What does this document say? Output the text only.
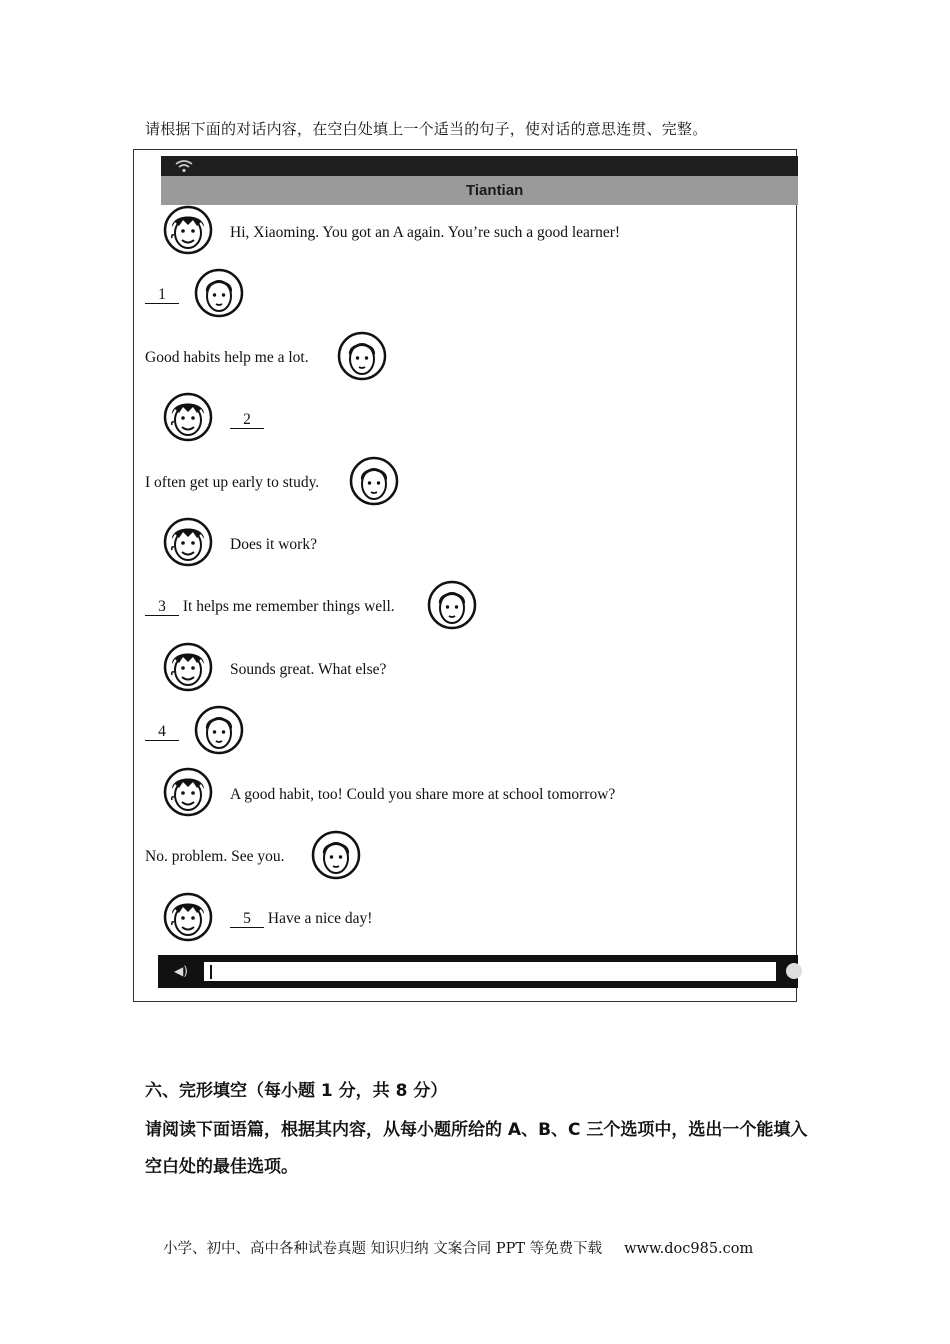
请根据下面的对话内容，在空白处填上一个适当的句子，使对话的意思连贯、完整。
Tiantian
Hi, Xiaoming. You got an A again. You’re such a good learner!
1
Good habits help me a lot.
2
I often get up early to study.
Does it work?
3 It helps me remember things well.
Sounds great. What else?
4
A good habit, too! Could you share more at school tomorrow?
No. problem. See you.
5 Have a nice day!
◀)
六、完形填空（每小题 1 分，共 8 分）
请阅读下面语篇，根据其内容，从每小题所给的 A、B、C 三个选项中，选出一个能填入空白处的最佳选项。
小学、初中、高中各种试卷真题 知识归纳 文案合同 PPT 等免费下载 www.doc985.com
